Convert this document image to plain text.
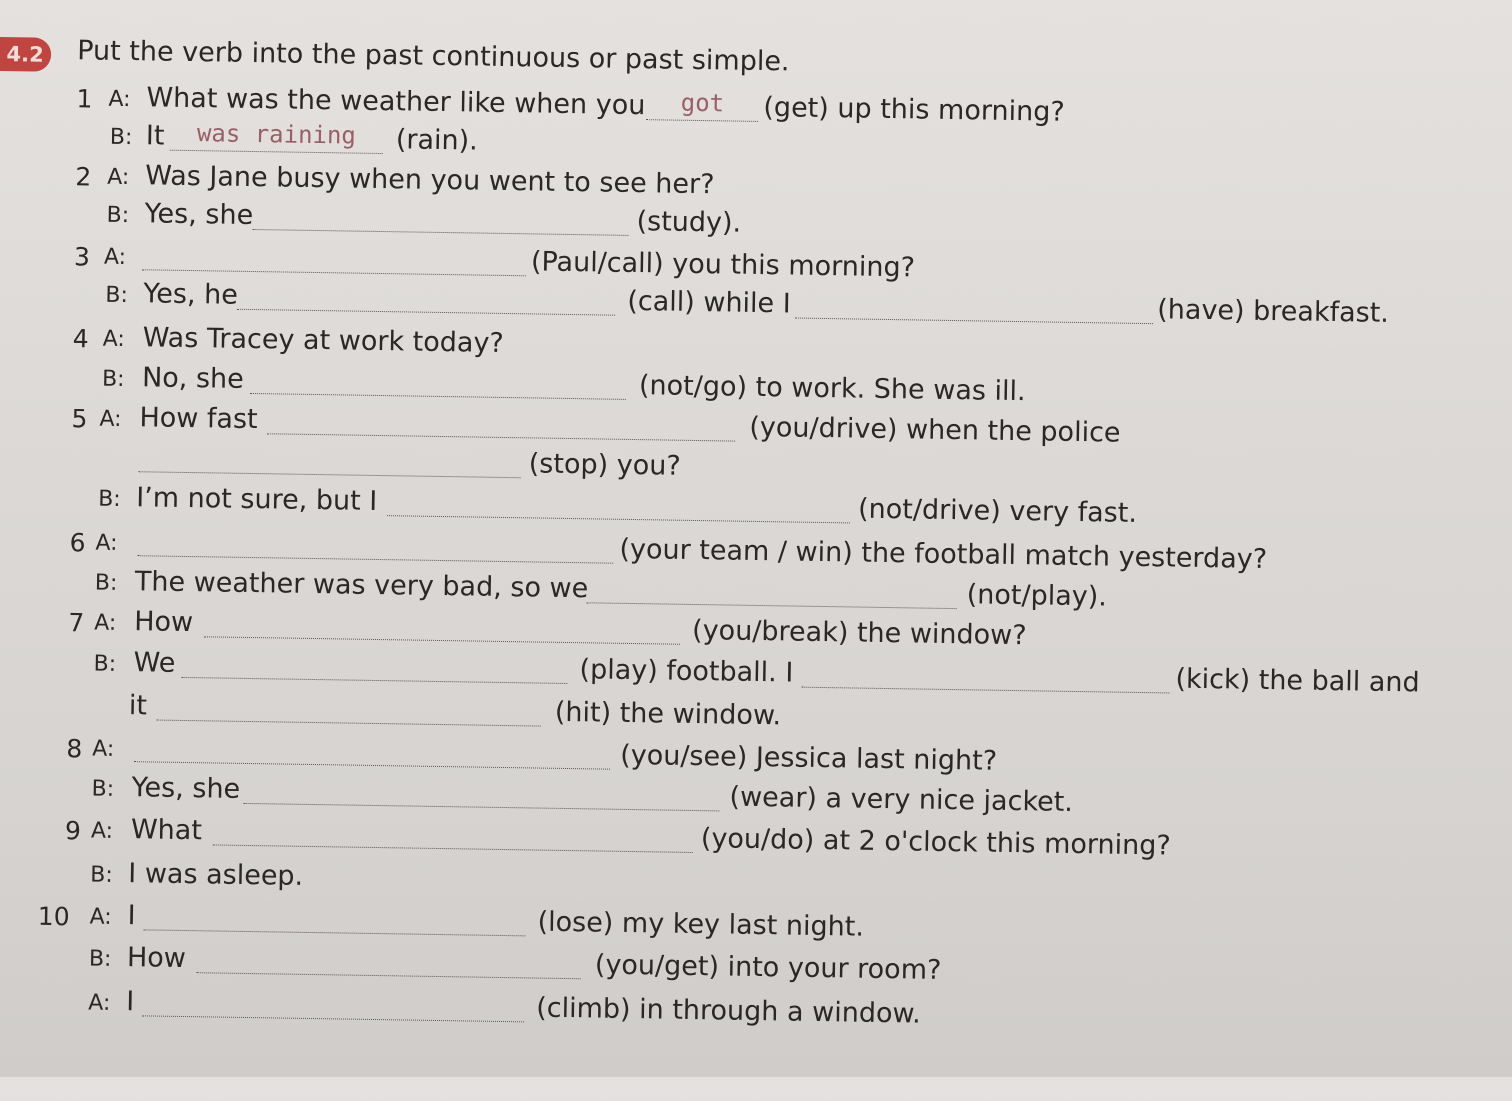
4.2 Put the verb into the past continuous or past simple.
1 A: What was the weather like when you	got	(get) up this morning?
B: It	was raining	(rain).
2 A: Was Jane busy when you went to see her?
B: Yes, she	(study).
3 A:	(Paul/call) you this morning?
B: Yes, he	(call) while I	(have) breakfast.
4 A: Was Tracey at work today?
B: No, she	(not/go) to work. She was ill.
5 A: How fast	(you/drive) when the police
(stop) you?
B: I’m not sure, but I	(not/drive) very fast.
6 A:	(your team / win) the football match yesterday?
B: The weather was very bad, so we	(not/play).
7 A: How	(you/break) the window?
B: We	(play) football. I	(kick) the ball and
it	(hit) the window.
8 A:	(you/see) Jessica last night?
B: Yes, she	(wear) a very nice jacket.
9 A: What	(you/do) at 2 o'clock this morning?
B: I was asleep.
10 A: I	(lose) my key last night.
B: How	(you/get) into your room?
A: I	(climb) in through a window.
